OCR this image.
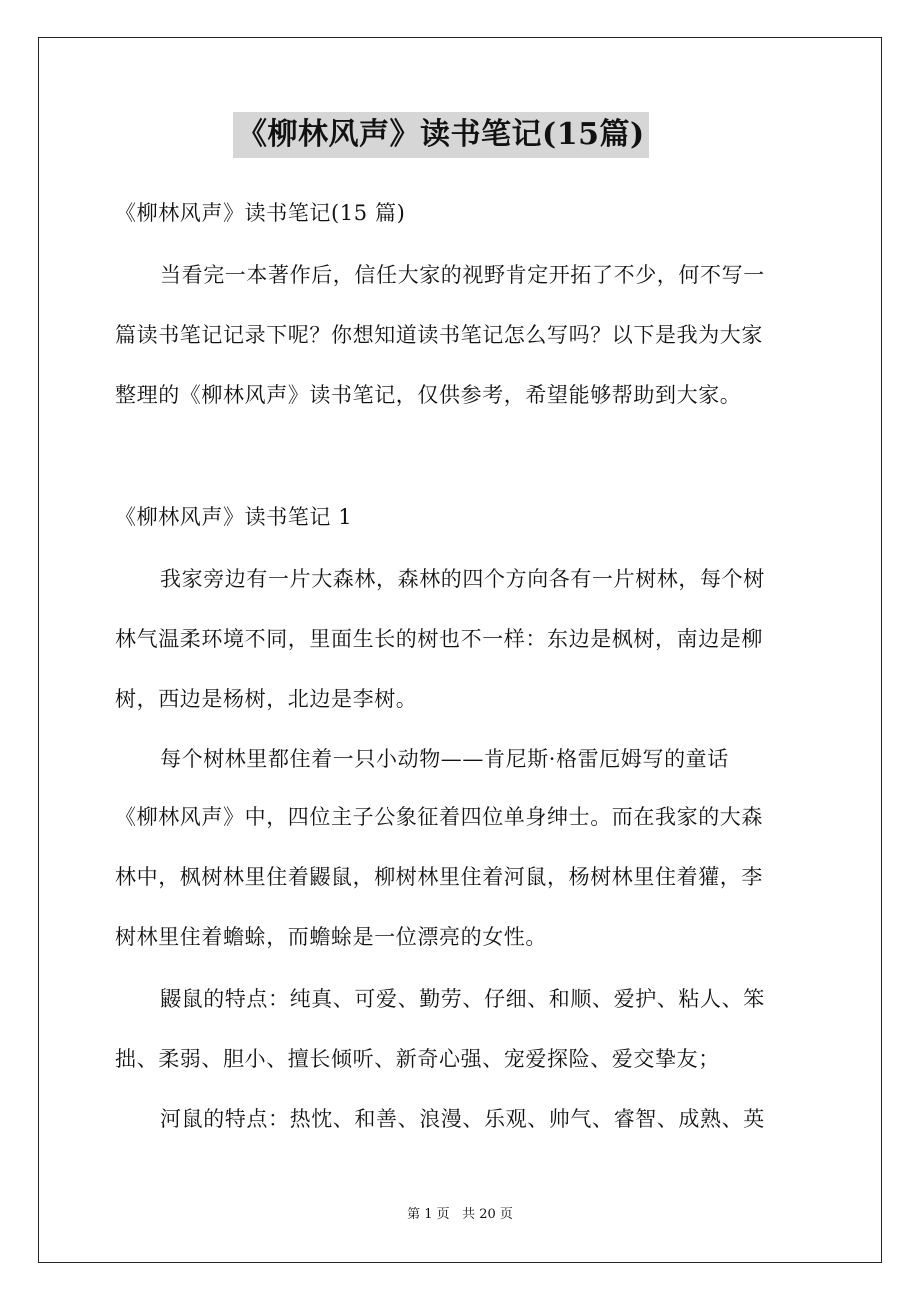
《柳林风声》读书笔记(15篇)
《柳林风声》读书笔记(15 篇)
当看完一本著作后，信任大家的视野肯定开拓了不少，何不写一
篇读书笔记记录下呢？你想知道读书笔记怎么写吗？以下是我为大家
整理的《柳林风声》读书笔记，仅供参考，希望能够帮助到大家。
《柳林风声》读书笔记 1
我家旁边有一片大森林，森林的四个方向各有一片树林，每个树
林气温柔环境不同，里面生长的树也不一样：东边是枫树，南边是柳
树，西边是杨树，北边是李树。
每个树林里都住着一只小动物——肯尼斯·格雷厄姆写的童话
《柳林风声》中，四位主子公象征着四位单身绅士。而在我家的大森
林中，枫树林里住着鼹鼠，柳树林里住着河鼠，杨树林里住着獾，李
树林里住着蟾蜍，而蟾蜍是一位漂亮的女性。
鼹鼠的特点：纯真、可爱、勤劳、仔细、和顺、爱护、粘人、笨
拙、柔弱、胆小、擅长倾听、新奇心强、宠爱探险、爱交挚友；
河鼠的特点：热忱、和善、浪漫、乐观、帅气、睿智、成熟、英
第 1 页   共 20 页
